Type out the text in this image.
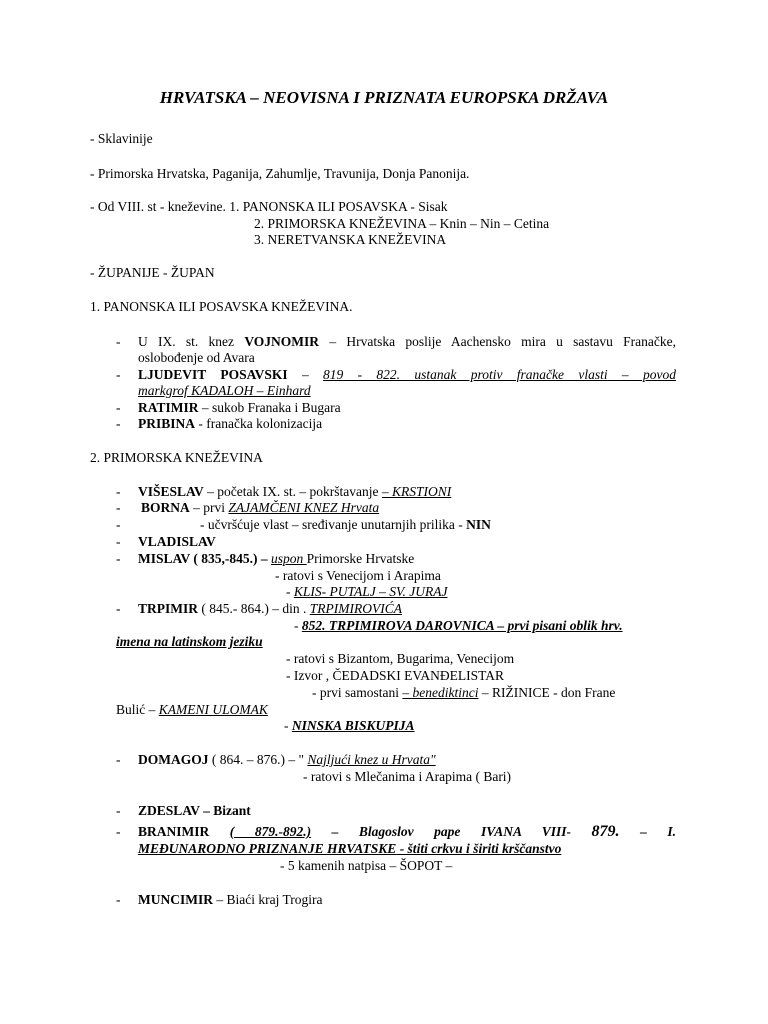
HRVATSKA – NEOVISNA I PRIZNATA EUROPSKA DRŽAVA
- Sklavinije
- Primorska Hrvatska, Paganija, Zahumlje, Travunija, Donja Panonija.
- Od VIII. st - kneževine. 1. PANONSKA ILI POSAVSKA - Sisak
2. PRIMORSKA KNEŽEVINA – Knin – Nin – Cetina
3. NERETVANSKA KNEŽEVINA
- ŽUPANIJE - ŽUPAN
1. PANONSKA ILI POSAVSKA KNEŽEVINA.
- U IX. st. knez VOJNOMIR – Hrvatska poslije Aachensko mira u sastavu Franačke,
oslobođenje od Avara
- LJUDEVIT POSAVSKI – 819 - 822. ustanak protiv franačke vlasti – povod
markgrof KADALOH – Einhard
- RATIMIR – sukob Franaka i Bugara
- PRIBINA - franačka kolonizacija
2. PRIMORSKA KNEŽEVINA
- VIŠESLAV – početak IX. st. – pokrštavanje – KRSTIONI
- BORNA – prvi ZAJAMČENI KNEZ Hrvata
-	- učvršćuje vlast – sređivanje unutarnjih prilika - NIN
- VLADISLAV
- MISLAV ( 835,-845.) – uspon Primorske Hrvatske
- ratovi s Venecijom i Arapima
- KLIS- PUTALJ – SV. JURAJ
- TRPIMIR ( 845.- 864.) – din . TRPIMIROVIĆA
- 852. TRPIMIROVA DAROVNICA – prvi pisani oblik hrv.
imena na latinskom jeziku
- ratovi s Bizantom, Bugarima, Venecijom
- Izvor , ČEDADSKI EVANĐELISTAR
- prvi samostani – benediktinci – RIŽINICE - don Frane
Bulić – KAMENI ULOMAK
- NINSKA BISKUPIJA
- DOMAGOJ ( 864. – 876.) – " Najljući knez u Hrvata"
- ratovi s Mlečanima i Arapima ( Bari)
- ZDESLAV – Bizant
- BRANIMIR ( 879.-892.) – Blagoslov pape IVANA VIII- 879. – I.
MEĐUNARODNO PRIZNANJE HRVATSKE - štiti crkvu i širiti krščanstvo
- 5 kamenih natpisa – ŠOPOT –
- MUNCIMIR – Biaći kraj Trogira
